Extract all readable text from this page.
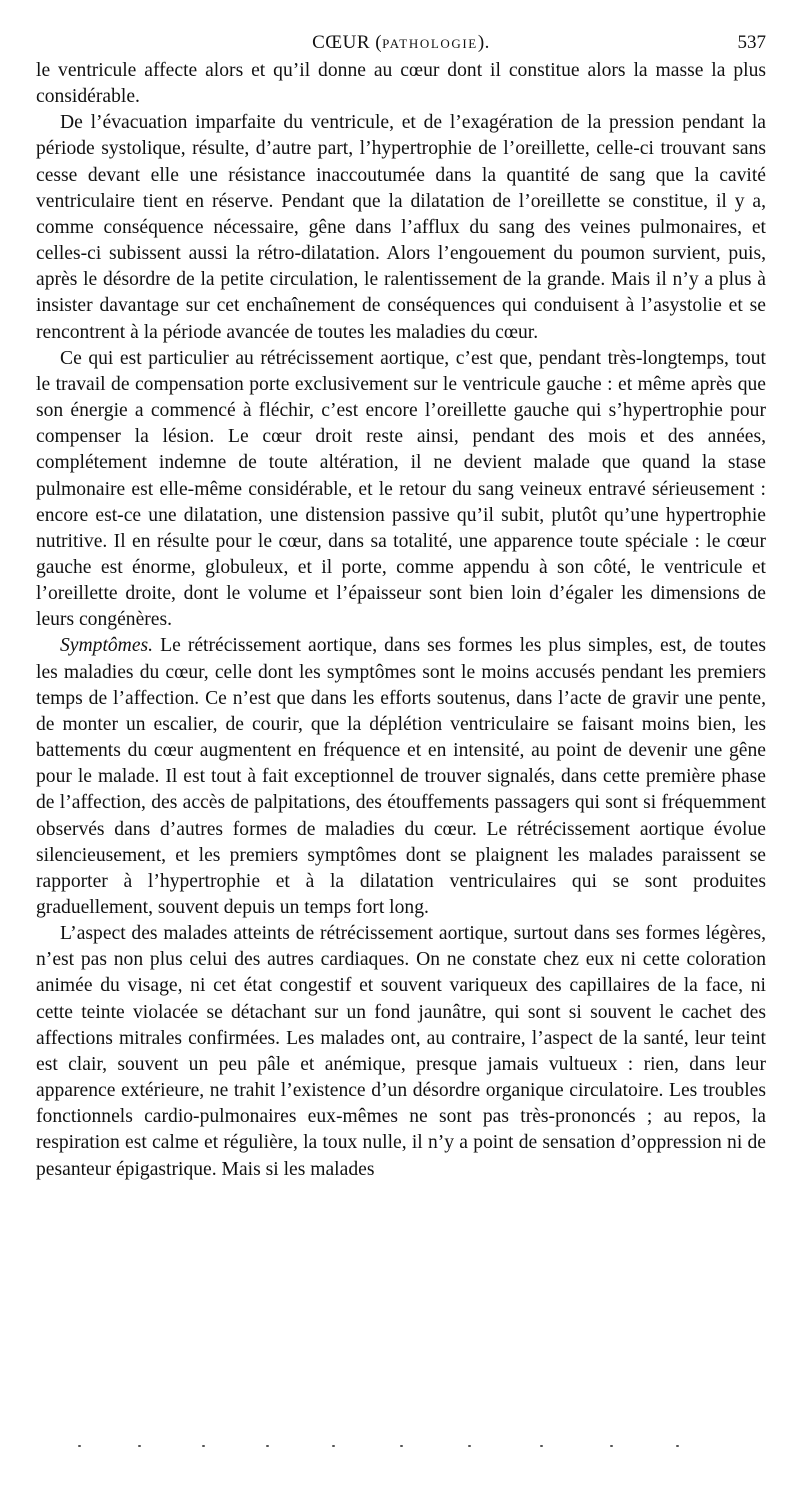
CŒUR (PATHOLOGIE).	537

le ventricule affecte alors et qu’il donne au cœur dont il constitue alors la masse la plus considérable.

De l’évacuation imparfaite du ventricule, et de l’exagération de la pression pendant la période systolique, résulte, d’autre part, l’hypertrophie de l’oreillette, celle-ci trouvant sans cesse devant elle une résistance inaccoutumée dans la quantité de sang que la cavité ventriculaire tient en réserve. Pendant que la dilatation de l’oreillette se constitue, il y a, comme conséquence nécessaire, gêne dans l’afflux du sang des veines pulmonaires, et celles-ci subissent aussi la rétro-dilatation. Alors l’engouement du poumon survient, puis, après le désordre de la petite circulation, le ralentissement de la grande. Mais il n’y a plus à insister davantage sur cet enchaînement de conséquences qui conduisent à l’asystolie et se rencontrent à la période avancée de toutes les maladies du cœur.

Ce qui est particulier au rétrécissement aortique, c’est que, pendant très-longtemps, tout le travail de compensation porte exclusivement sur le ventricule gauche : et même après que son énergie a commencé à fléchir, c’est encore l’oreillette gauche qui s’hypertrophie pour compenser la lésion. Le cœur droit reste ainsi, pendant des mois et des années, complétement indemne de toute altération, il ne devient malade que quand la stase pulmonaire est elle-même considérable, et le retour du sang veineux entravé sérieusement : encore est-ce une dilatation, une distension passive qu’il subit, plutôt qu’une hypertrophie nutritive. Il en résulte pour le cœur, dans sa totalité, une apparence toute spéciale : le cœur gauche est énorme, globuleux, et il porte, comme appendu à son côté, le ventricule et l’oreillette droite, dont le volume et l’épaisseur sont bien loin d’égaler les dimensions de leurs congénères.

Symptômes. Le rétrécissement aortique, dans ses formes les plus simples, est, de toutes les maladies du cœur, celle dont les symptômes sont le moins accusés pendant les premiers temps de l’affection. Ce n’est que dans les efforts soutenus, dans l’acte de gravir une pente, de monter un escalier, de courir, que la déplétion ventriculaire se faisant moins bien, les battements du cœur augmentent en fréquence et en intensité, au point de devenir une gêne pour le malade. Il est tout à fait exceptionnel de trouver signalés, dans cette première phase de l’affection, des accès de palpitations, des étouffements passagers qui sont si fréquemment observés dans d’autres formes de maladies du cœur. Le rétrécissement aortique évolue silencieusement, et les premiers symptômes dont se plaignent les malades paraissent se rapporter à l’hypertrophie et à la dilatation ventriculaires qui se sont produites graduellement, souvent depuis un temps fort long.

L’aspect des malades atteints de rétrécissement aortique, surtout dans ses formes légères, n’est pas non plus celui des autres cardiaques. On ne constate chez eux ni cette coloration animée du visage, ni cet état congestif et souvent variqueux des capillaires de la face, ni cette teinte violacée se détachant sur un fond jaunâtre, qui sont si souvent le cachet des affections mitrales confirmées. Les malades ont, au contraire, l’aspect de la santé, leur teint est clair, souvent un peu pâle et anémique, presque jamais vultueux : rien, dans leur apparence extérieure, ne trahit l’existence d’un désordre organique circulatoire. Les troubles fonctionnels cardio-pulmonaires eux-mêmes ne sont pas très-prononcés ; au repos, la respiration est calme et régulière, la toux nulle, il n’y a point de sensation d’oppression ni de pesanteur épigastrique. Mais si les malades
